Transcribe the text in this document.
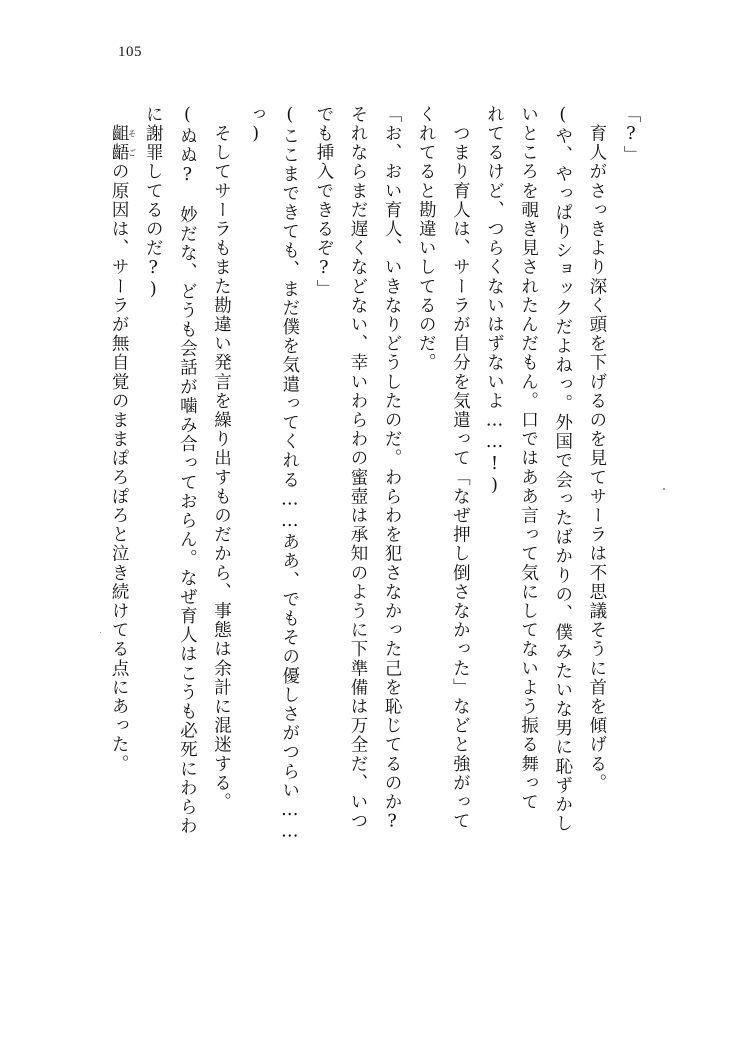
105
「?」
　育人がさっきより深く頭を下げるのを見てサーラは不思議そうに首を傾げる。
(や、やっぱりショックだよねっ。外国で会ったばかりの、僕みたいな男に恥ずかし
いところを覗き見されたんだもん。口ではああ言って気にしてないよう振る舞って
れてるけど、つらくないはずないよ……!)
　つまり育人は、サーラが自分を気遣って「なぜ押し倒さなかった」などと強がって
くれてると勘違いしてるのだ。
「お、おい育人、いきなりどうしたのだ。わらわを犯さなかった己を恥じてるのか?
それならまだ遅くなどない、幸いわらわの蜜壺は承知のように下準備は万全だ、いつ
でも挿入できるぞ?」
(ここまできても、まだ僕を気遣ってくれる……ああ、でもその優しさがつらい……
っ)
　そしてサーラもまた勘違い発言を繰り出すものだから、事態は余計に混迷する。
(ぬぬ?　妙だな、どうも会話が噛み合っておらん。なぜ育人はこうも必死にわらわ
に謝罪してるのだ?)
　齟齬そごの原因は、サーラが無自覚のままぽろぽろと泣き続けてる点にあった。
